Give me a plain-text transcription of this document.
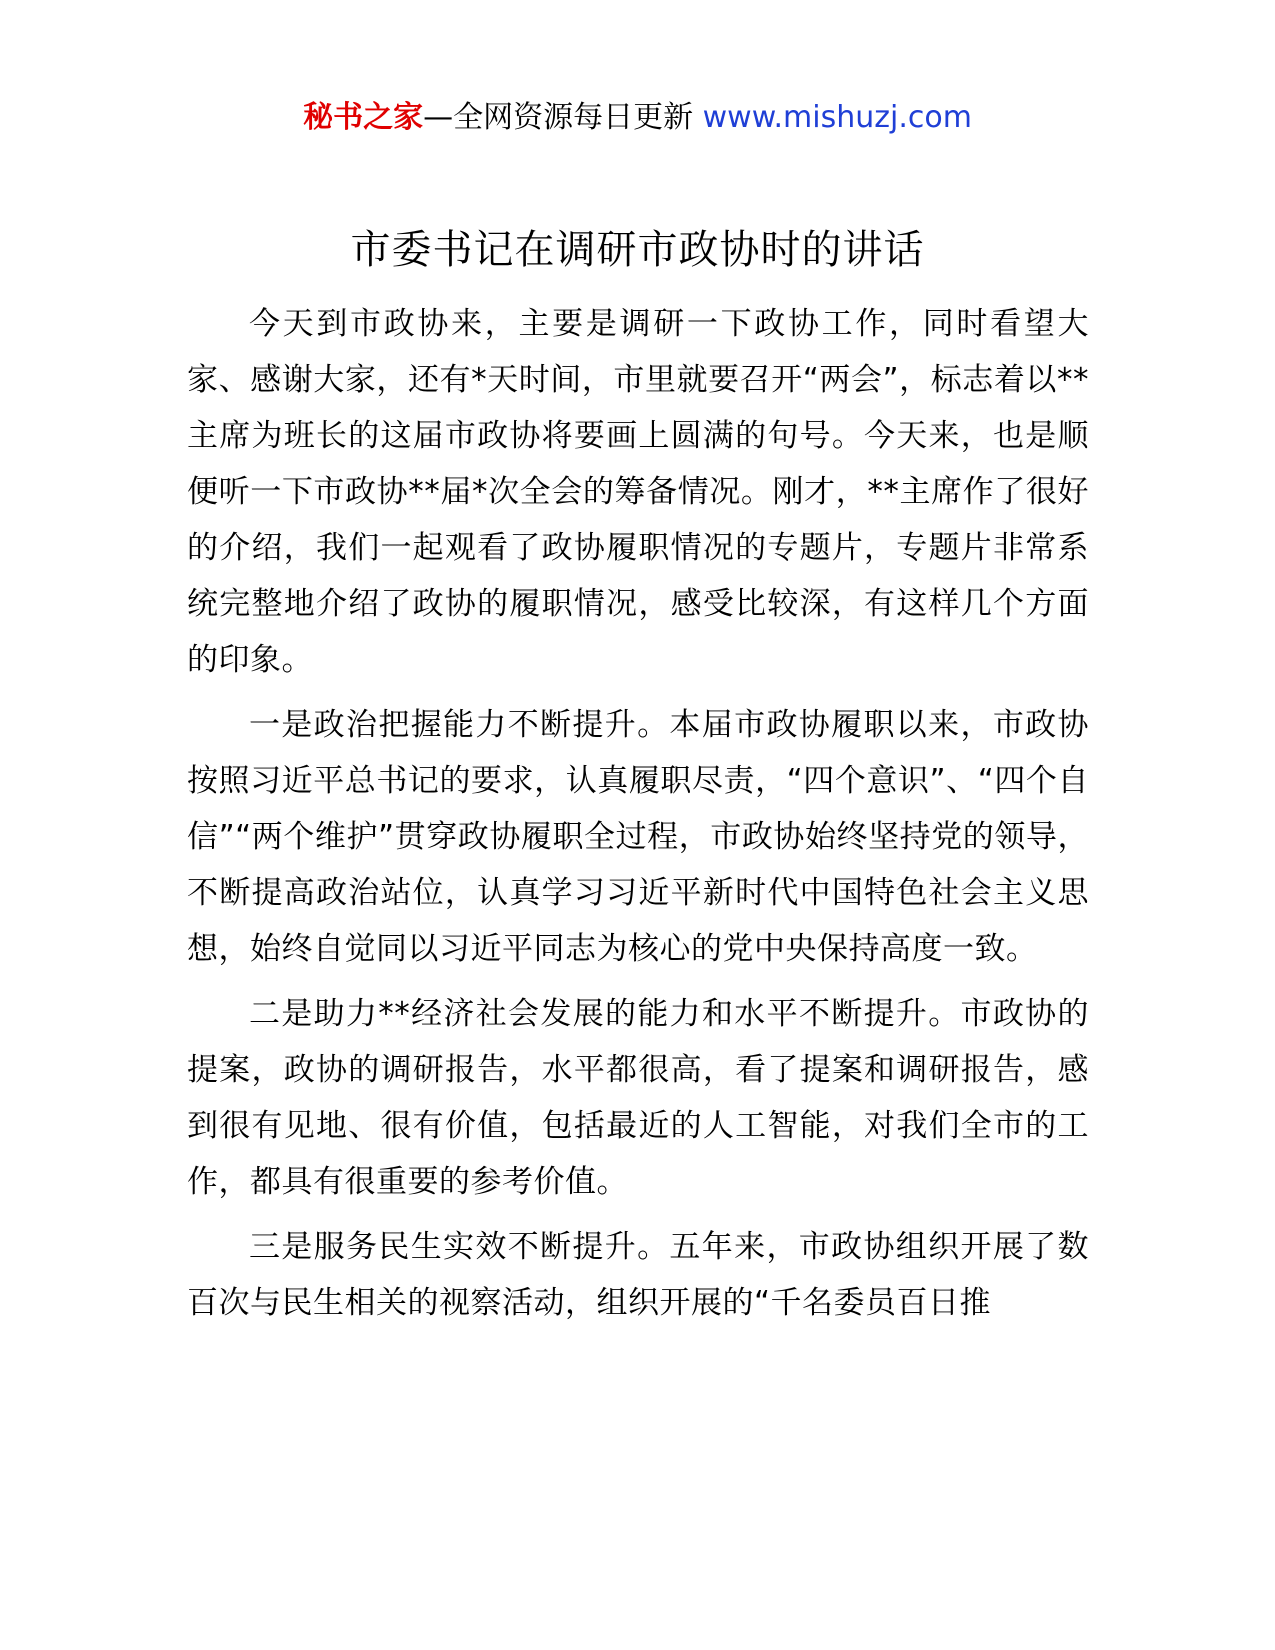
秘书之家—全网资源每日更新 www.mishuzj.com
市委书记在调研市政协时的讲话

今天到市政协来，主要是调研一下政协工作，同时看望大家、感谢大家，还有*天时间，市里就要召开“两会”，标志着以**主席为班长的这届市政协将要画上圆满的句号。今天来，也是顺便听一下市政协**届*次全会的筹备情况。刚才，**主席作了很好的介绍，我们一起观看了政协履职情况的专题片，专题片非常系统完整地介绍了政协的履职情况，感受比较深，有这样几个方面的印象。

一是政治把握能力不断提升。本届市政协履职以来，市政协按照习近平总书记的要求，认真履职尽责，“四个意识”、“四个自信”“两个维护”贯穿政协履职全过程，市政协始终坚持党的领导，不断提高政治站位，认真学习习近平新时代中国特色社会主义思想，始终自觉同以习近平同志为核心的党中央保持高度一致。

二是助力**经济社会发展的能力和水平不断提升。市政协的提案，政协的调研报告，水平都很高，看了提案和调研报告，感到很有见地、很有价值，包括最近的人工智能，对我们全市的工作，都具有很重要的参考价值。

三是服务民生实效不断提升。五年来，市政协组织开展了数百次与民生相关的视察活动，组织开展的“千名委员百日推
